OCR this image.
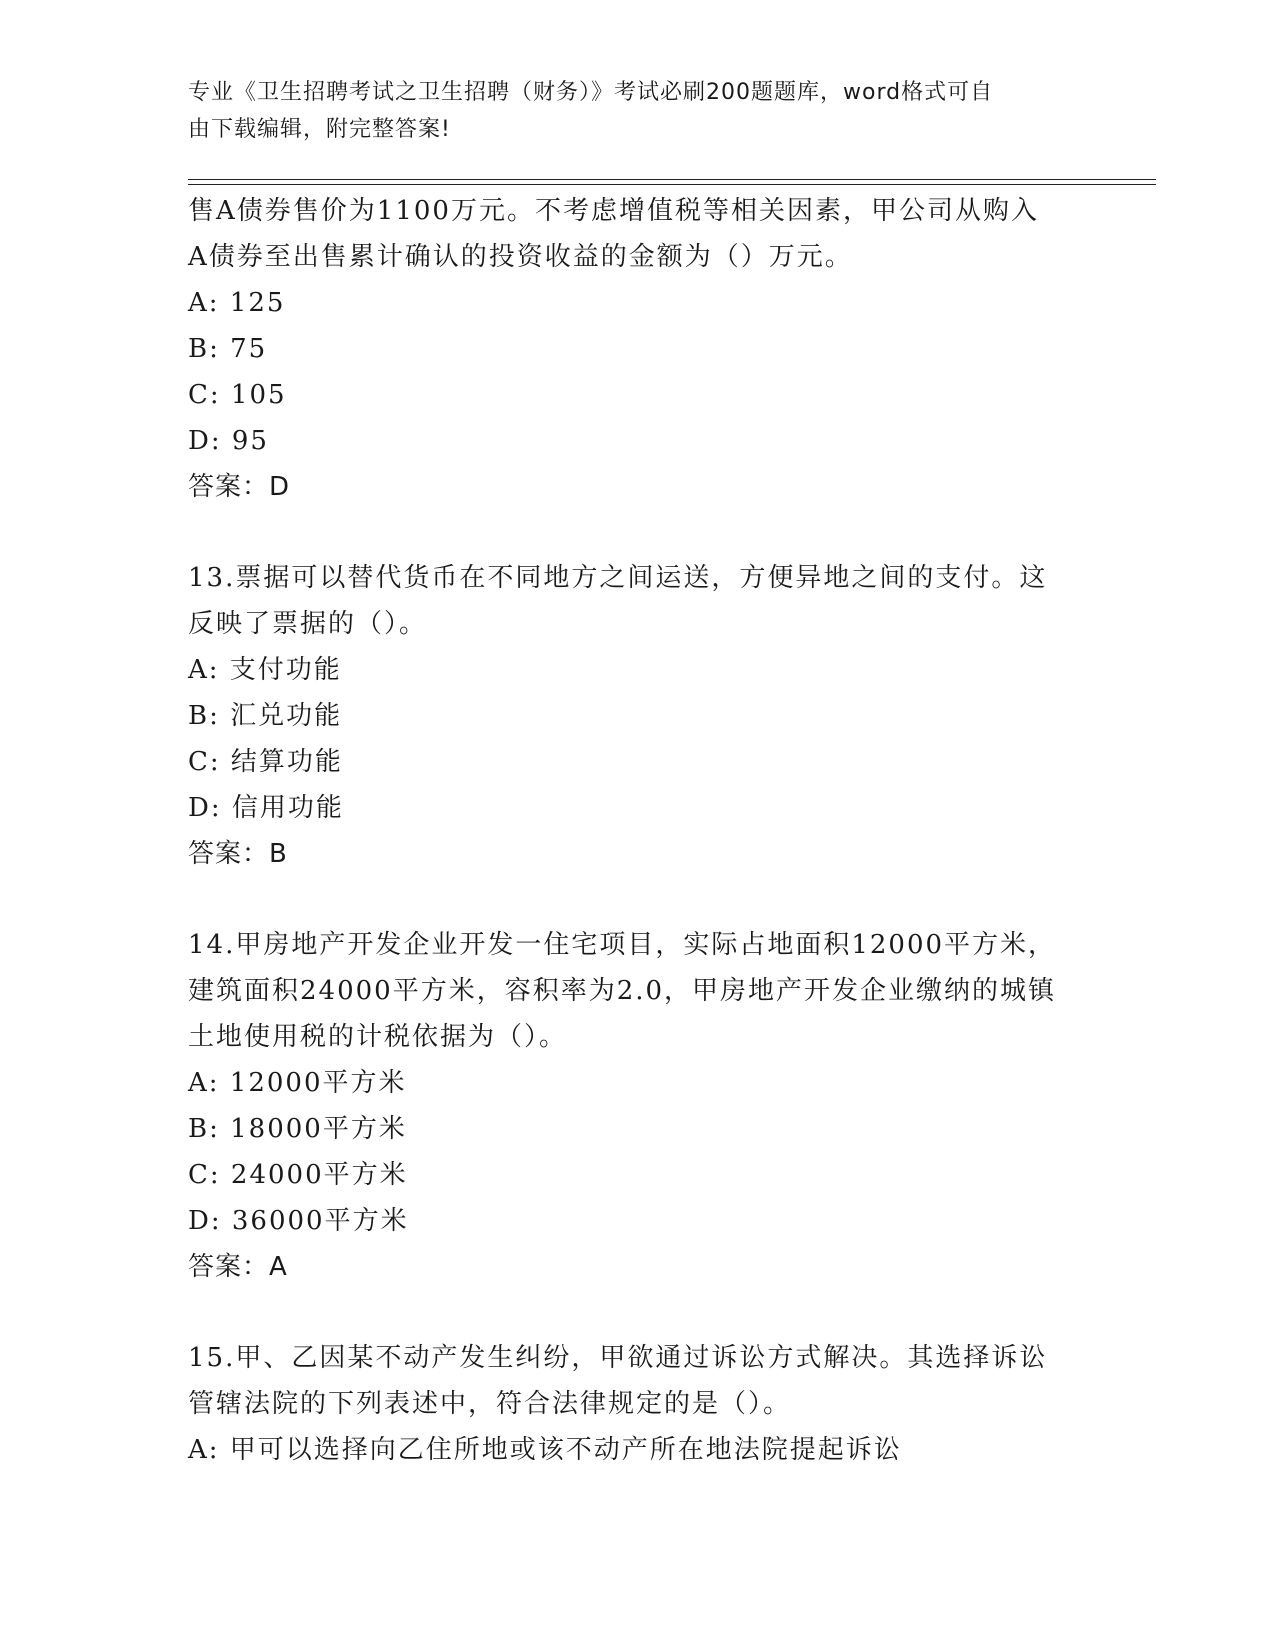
专业《卫生招聘考试之卫生招聘（财务）》考试必刷200题题库，word格式可自
由下载编辑，附完整答案!
售A债券售价为1100万元。不考虑增值税等相关因素，甲公司从购入
A债券至出售累计确认的投资收益的金额为（）万元。
A: 125
B: 75
C: 105
D: 95
答案：D
13.票据可以替代货币在不同地方之间运送，方便异地之间的支付。这
反映了票据的（）。
A: 支付功能
B: 汇兑功能
C: 结算功能
D: 信用功能
答案：B
14.甲房地产开发企业开发一住宅项目，实际占地面积12000平方米，
建筑面积24000平方米，容积率为2.0，甲房地产开发企业缴纳的城镇
土地使用税的计税依据为（）。
A: 12000平方米
B: 18000平方米
C: 24000平方米
D: 36000平方米
答案：A
15.甲、乙因某不动产发生纠纷，甲欲通过诉讼方式解决。其选择诉讼
管辖法院的下列表述中，符合法律规定的是（）。
A: 甲可以选择向乙住所地或该不动产所在地法院提起诉讼
